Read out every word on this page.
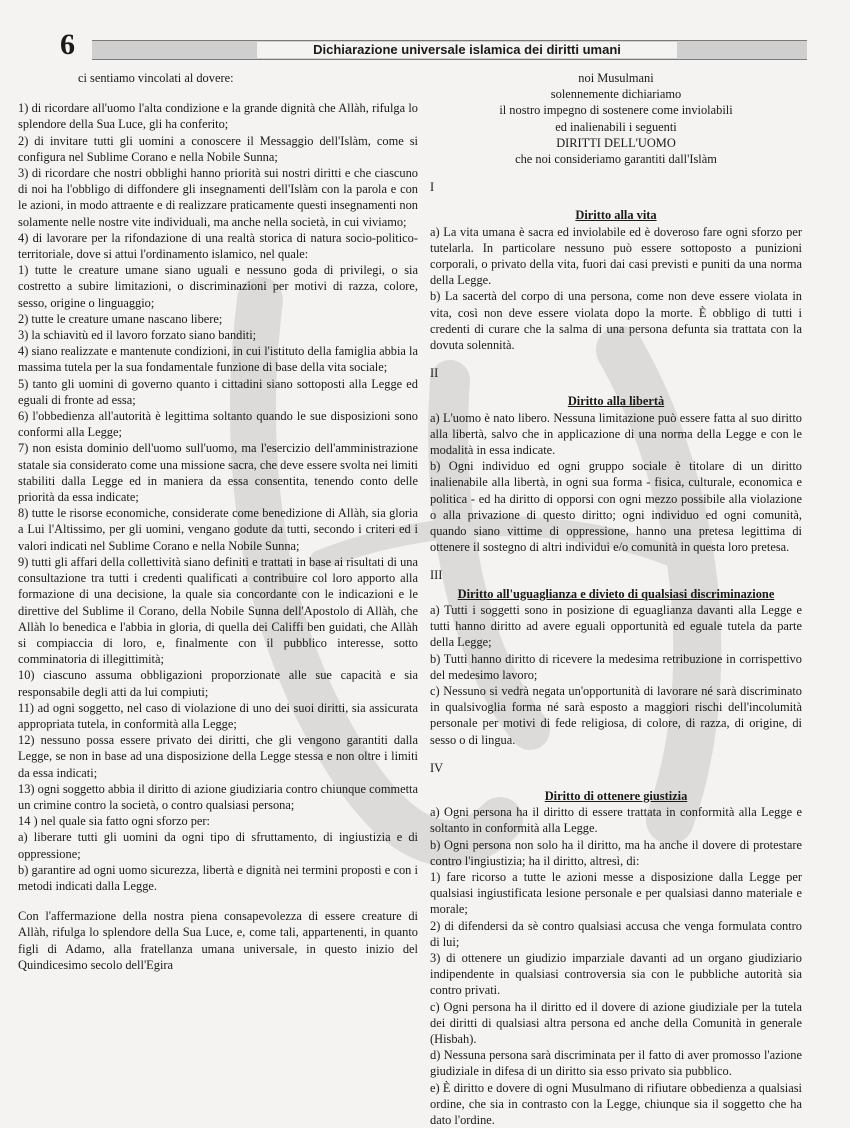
6	Dichiarazione universale islamica dei diritti umani

ci sentiamo vincolati al dovere:

1) di ricordare all'uomo l'alta condizione e la grande dignità che Allàh, rifulga lo splendore della Sua Luce, gli ha conferito;

2) di invitare tutti gli uomini a conoscere il Messaggio dell'Islàm, come si configura nel Sublime Corano e nella Nobile Sunna;

3) di ricordare che nostri obblighi hanno priorità sui nostri diritti e che ciascuno di noi ha l'obbligo di diffondere gli insegnamenti dell'Islàm con la parola e con le azioni, in modo attraente e di realizzare praticamente questi insegnamenti non solamente nelle nostre vite individuali, ma anche nella società, in cui viviamo;

4) di lavorare per la rifondazione di una realtà storica di natura socio-politico-territoriale, dove si attui l'ordinamento islamico, nel quale:

1) tutte le creature umane siano uguali e nessuno goda di privilegi, o sia costretto a subire limitazioni, o discriminazioni per motivi di razza, colore, sesso, origine o linguaggio;

2) tutte le creature umane nascano libere;

3) la schiavitù ed il lavoro forzato siano banditi;

4) siano realizzate e mantenute condizioni, in cui l'istituto della famiglia abbia la massima tutela per la sua fondamentale funzione di base della vita sociale;

5) tanto gli uomini di governo quanto i cittadini siano sottoposti alla Legge ed eguali di fronte ad essa;

6) l'obbedienza all'autorità è legittima soltanto quando le sue disposizioni sono conformi alla Legge;

7) non esista dominio dell'uomo sull'uomo, ma l'esercizio dell'amministrazione statale sia considerato come una missione sacra, che deve essere svolta nei limiti stabiliti dalla Legge ed in maniera da essa consentita, tenendo conto delle priorità da essa indicate;

8) tutte le risorse economiche, considerate come benedizione di Allàh, sia gloria a Lui l'Altissimo, per gli uomini, vengano godute da tutti, secondo i criteri ed i valori indicati nel Sublime Corano e nella Nobile Sunna;

9) tutti gli affari della collettività siano definiti e trattati in base ai risultati di una consultazione tra tutti i credenti qualificati a contribuire col loro apporto alla formazione di una decisione, la quale sia concordante con le indicazioni e le direttive del Sublime il Corano, della Nobile Sunna dell'Apostolo di Allàh, che Allàh lo benedica e l'abbia in gloria, di quella dei Califfi ben guidati, che Allàh si compiaccia di loro, e, finalmente con il pubblico interesse, sotto comminatoria di illegittimità;

10) ciascuno assuma obbligazioni proporzionate alle sue capacità e sia responsabile degli atti da lui compiuti;

11) ad ogni soggetto, nel caso di violazione di uno dei suoi diritti, sia assicurata appropriata tutela, in conformità alla Legge;

12) nessuno possa essere privato dei diritti, che gli vengono garantiti dalla Legge, se non in base ad una disposizione della Legge stessa e non oltre i limiti da essa indicati;

13) ogni soggetto abbia il diritto di azione giudiziaria contro chiunque commetta un crimine contro la società, o contro qualsiasi persona;

14 ) nel quale sia fatto ogni sforzo per:

a) liberare tutti gli uomini da ogni tipo di sfruttamento, di ingiustizia e di oppressione;

b) garantire ad ogni uomo sicurezza, libertà e dignità nei termini proposti e con i metodi indicati dalla Legge.

Con l'affermazione della nostra piena consapevolezza di essere creature di Allàh, rifulga lo splendore della Sua Luce, e, come tali, appartenenti, in quanto figli di Adamo, alla fratellanza umana universale, in questo inizio del Quindicesimo secolo dell'Egira

noi Musulmani

solennemente dichiariamo

il nostro impegno di sostenere come inviolabili

ed inalienabili i seguenti

DIRITTI DELL'UOMO

che noi consideriamo garantiti dall'Islàm

I

Diritto alla vita

a) La vita umana è sacra ed inviolabile ed è doveroso fare ogni sforzo per tutelarla. In particolare nessuno può essere sottoposto a punizioni corporali, o privato della vita, fuori dai casi previsti e puniti da una norma della Legge.

b) La sacertà del corpo di una persona, come non deve essere violata in vita, così non deve essere violata dopo la morte. È obbligo di tutti i credenti di curare che la salma di una persona defunta sia trattata con la dovuta solennità.

II

Diritto alla libertà

a) L'uomo è nato libero. Nessuna limitazione può essere fatta al suo diritto alla libertà, salvo che in applicazione di una norma della Legge e con le modalità in essa indicate.

b) Ogni individuo ed ogni gruppo sociale è titolare di un diritto inalienabile alla libertà, in ogni sua forma - fisica, culturale, economica e politica - ed ha diritto di opporsi con ogni mezzo possibile alla violazione o alla privazione di questo diritto; ogni individuo ed ogni comunità, quando siano vittime di oppressione, hanno una pretesa legittima di ottenere il sostegno di altri individui e/o comunità in questa loro pretesa.

III

Diritto all'uguaglianza e divieto di qualsiasi discriminazione

a) Tutti i soggetti sono in posizione di eguaglianza davanti alla Legge e tutti hanno diritto ad avere eguali opportunità ed eguale tutela da parte della Legge;

b) Tutti hanno diritto di ricevere la medesima retribuzione in corrispettivo del medesimo lavoro;

c) Nessuno si vedrà negata un'opportunità di lavorare né sarà discriminato in qualsivoglia forma né sarà esposto a maggiori rischi dell'incolumità personale per motivi di fede religiosa, di colore, di razza, di origine, di sesso o di lingua.

IV

Diritto di ottenere giustizia

a) Ogni persona ha il diritto di essere trattata in conformità alla Legge e soltanto in conformità alla Legge.

b) Ogni persona non solo ha il diritto, ma ha anche il dovere di protestare contro l'ingiustizia; ha il diritto, altresì, di:

1) fare ricorso a tutte le azioni messe a disposizione dalla Legge per qualsiasi ingiustificata lesione personale e per qualsiasi danno materiale e morale;

2) di difendersi da sè contro qualsiasi accusa che venga formulata contro di lui;

3) di ottenere un giudizio imparziale davanti ad un organo giudiziario indipendente in qualsiasi controversia sia con le pubbliche autorità sia contro privati.

c) Ogni persona ha il diritto ed il dovere di azione giudiziale per la tutela dei diritti di qualsiasi altra persona ed anche della Comunità in generale (Hisbah).

d) Nessuna persona sarà discriminata per il fatto di aver promosso l'azione giudiziale in difesa di un diritto sia esso privato sia pubblico.

e) È diritto e dovere di ogni Musulmano di rifiutare obbedienza a qualsiasi ordine, che sia in contrasto con la Legge, chiunque sia il soggetto che ha dato l'ordine.
